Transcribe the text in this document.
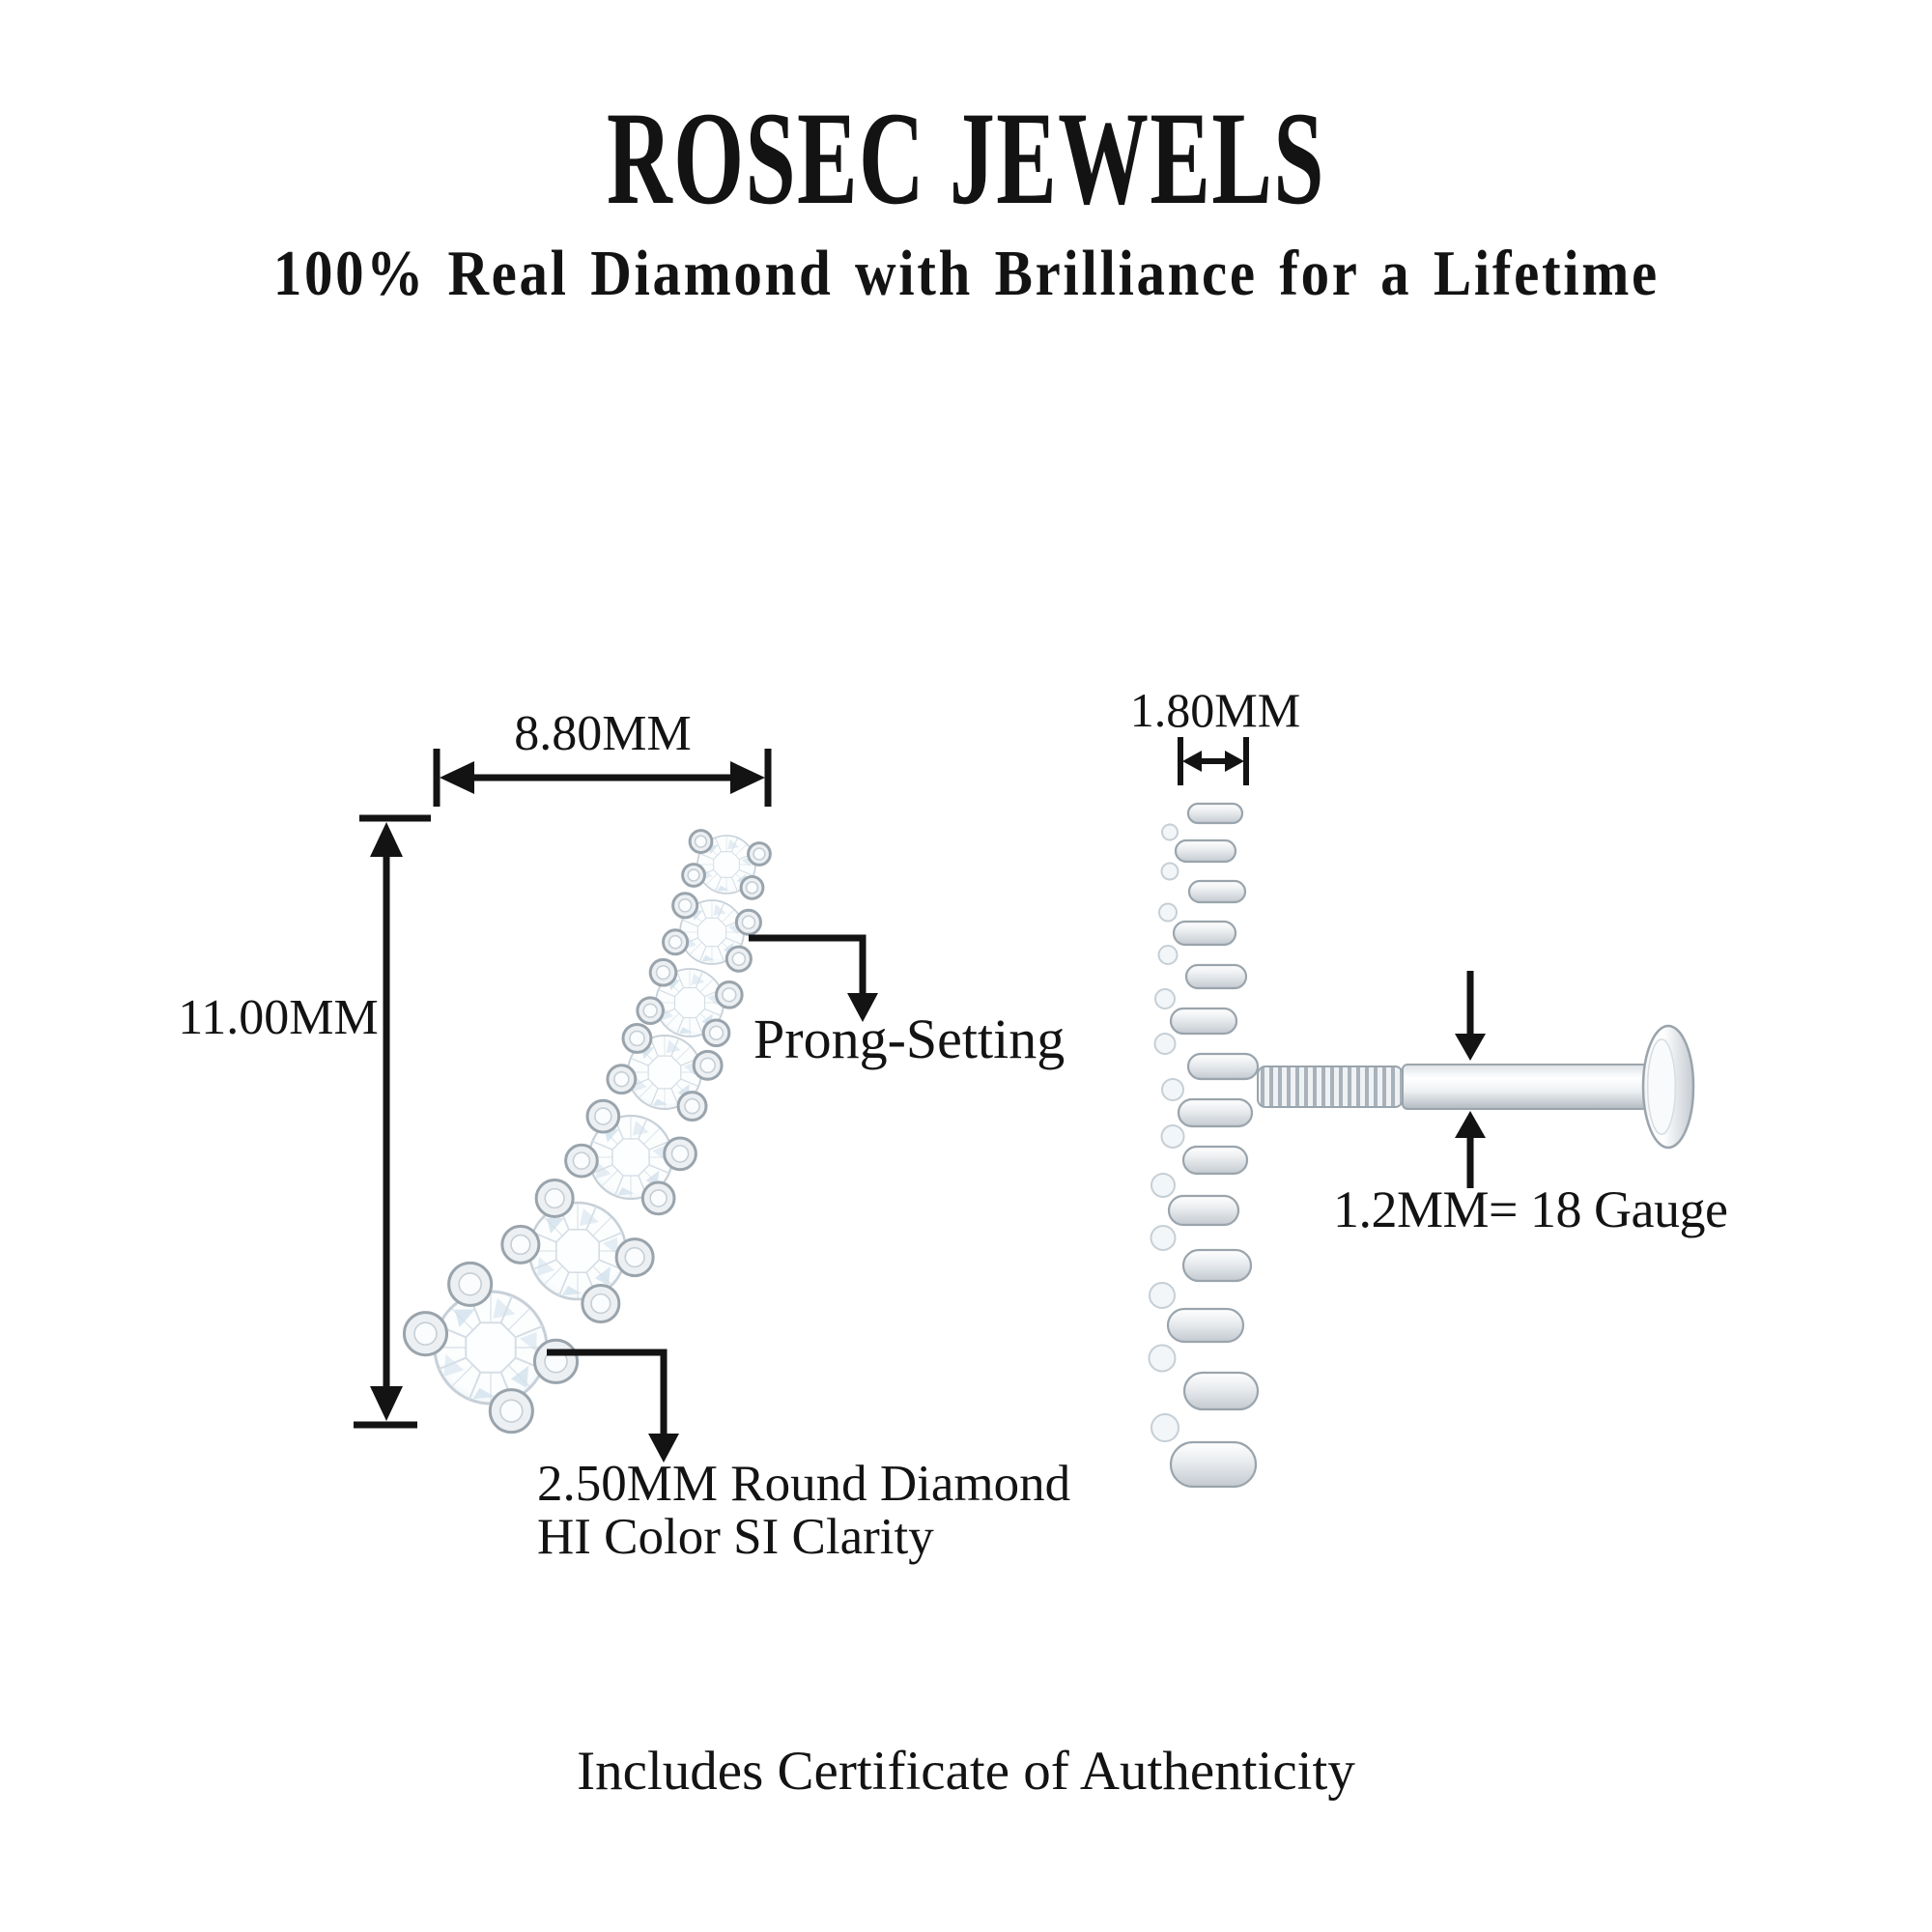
ROSEC JEWELS
100% Real Diamond with Brilliance for a Lifetime
8.80MM
11.00MM	Prong-Setting
2.50MM Round Diamond
HI Color SI Clarity
1.80MM
1.2MM= 18 Gauge
Includes Certificate of Authenticity
